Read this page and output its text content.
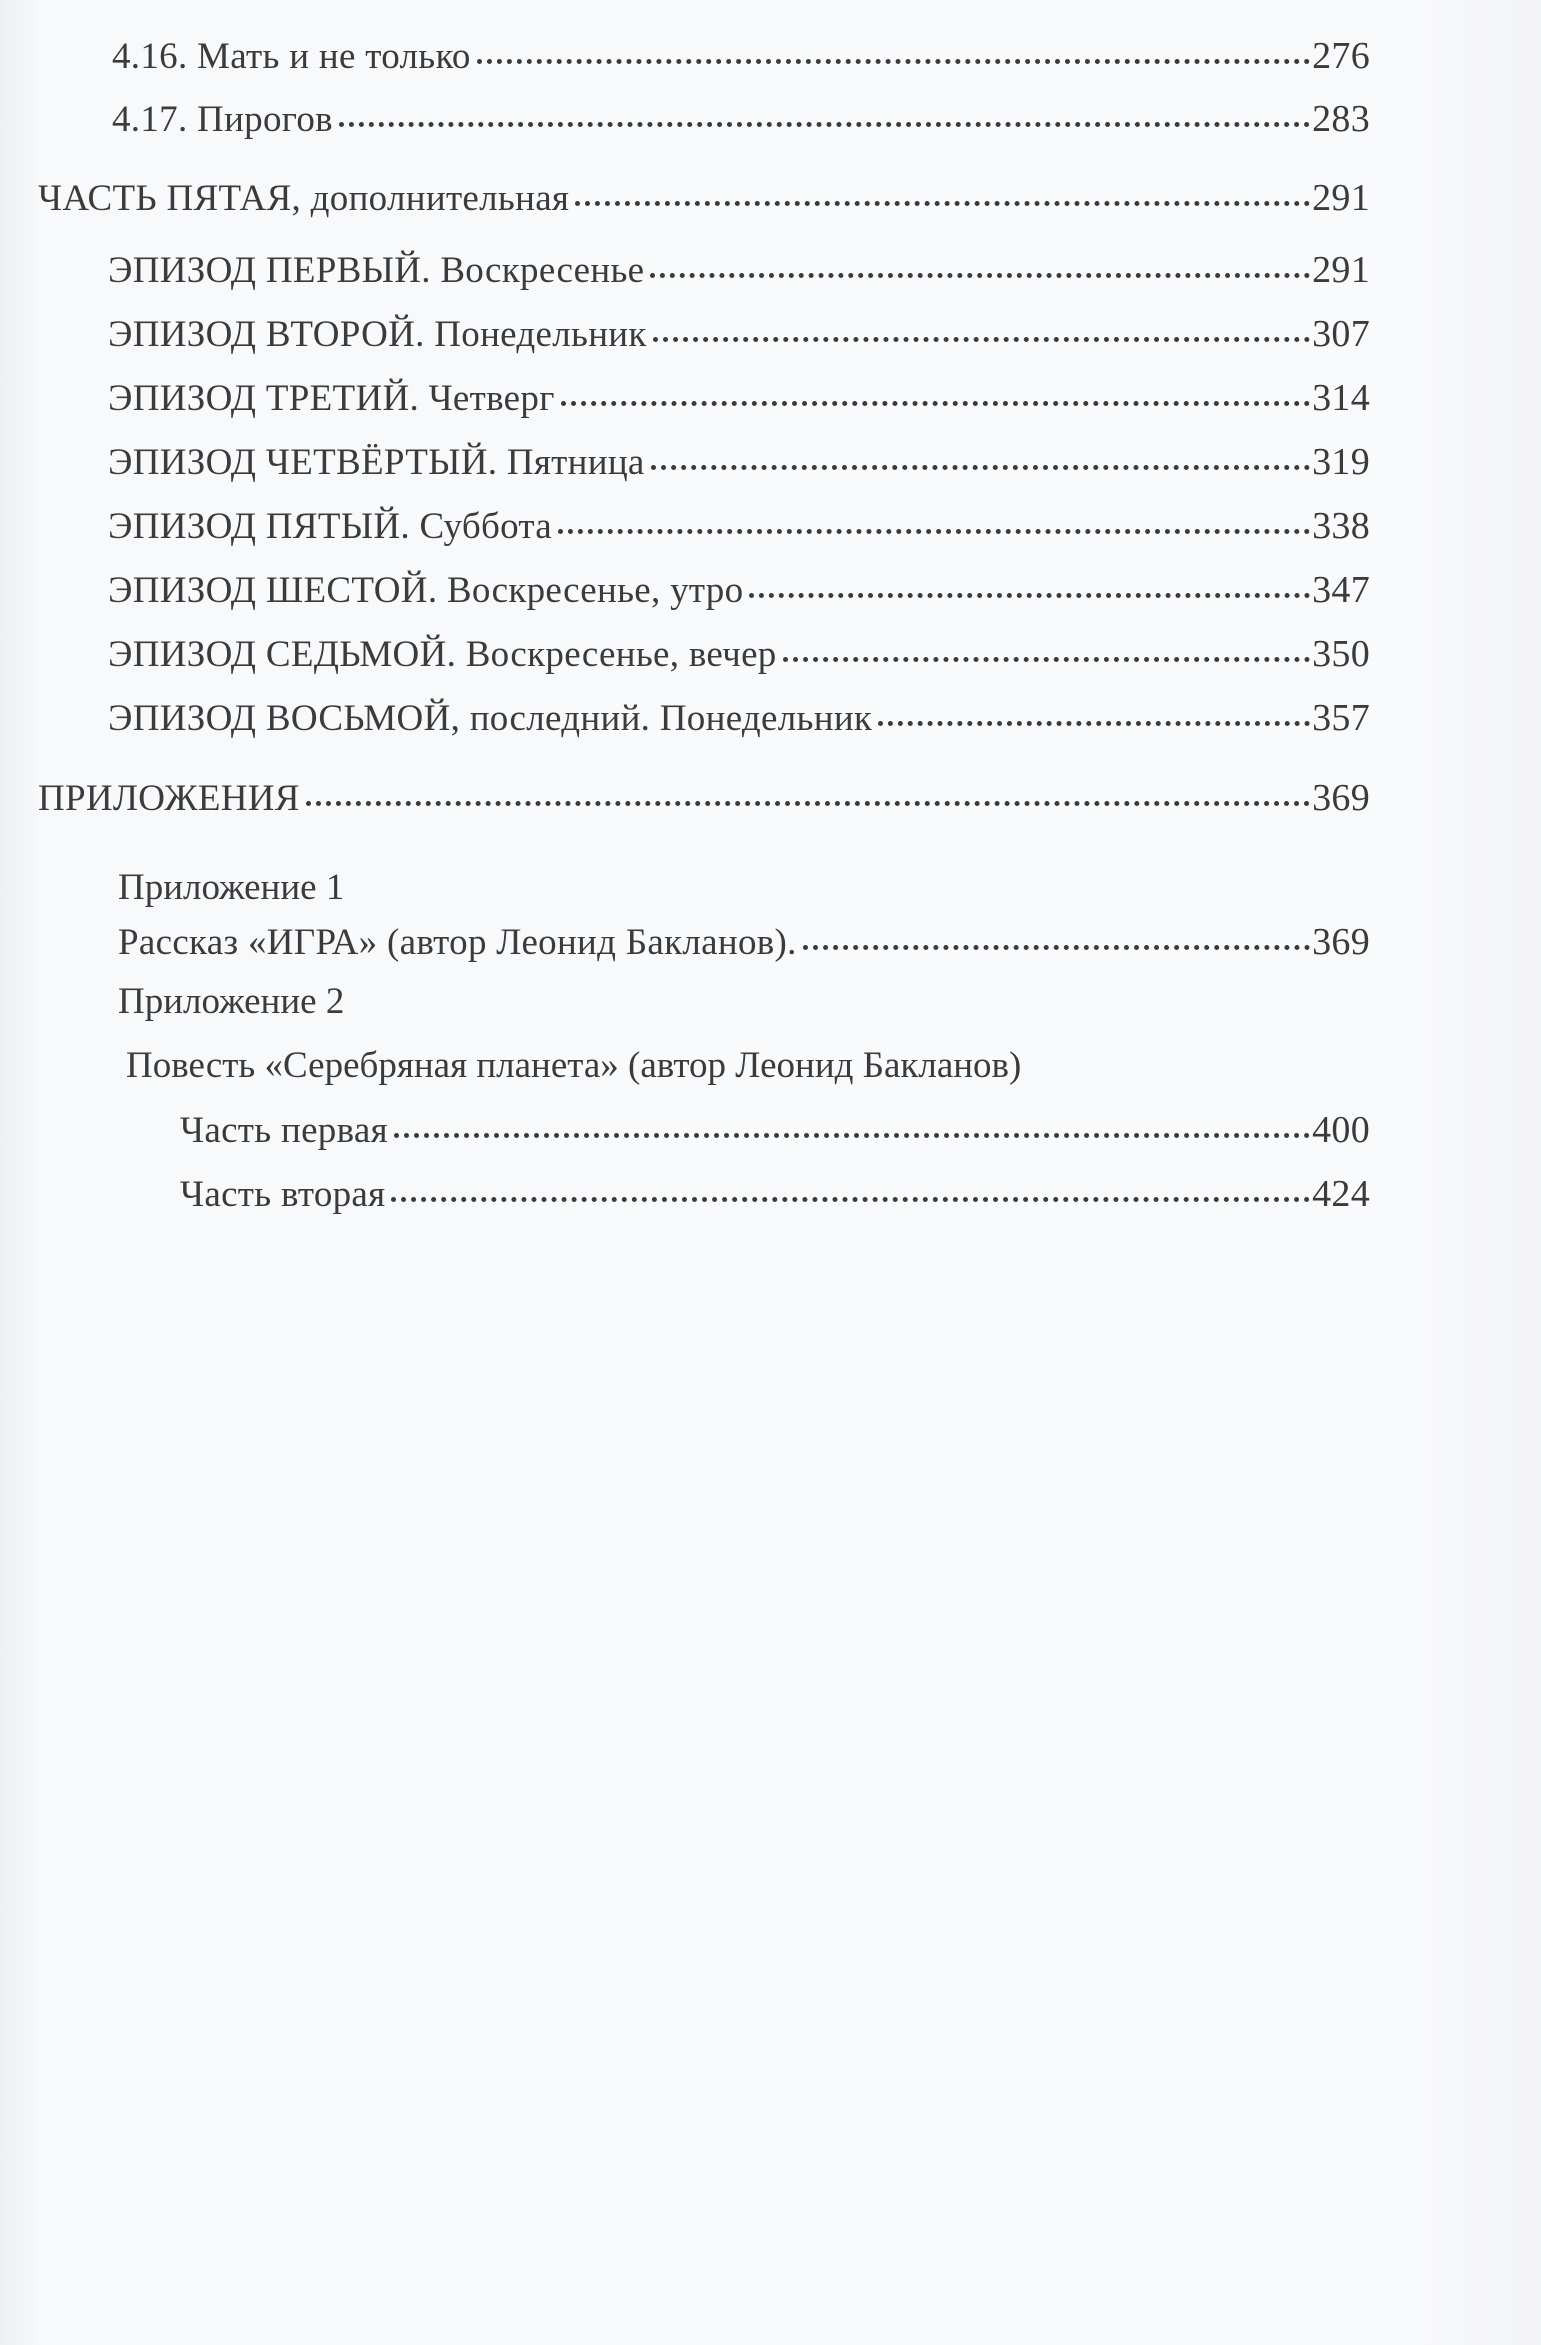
4.16. Мать и не только	276
4.17. Пирогов	283
ЧАСТЬ ПЯТАЯ, дополнительная	291
ЭПИЗОД ПЕРВЫЙ. Воскресенье	291
ЭПИЗОД ВТОРОЙ. Понедельник	307
ЭПИЗОД ТРЕТИЙ. Четверг	314
ЭПИЗОД ЧЕТВЁРТЫЙ. Пятница	319
ЭПИЗОД ПЯТЫЙ. Суббота	338
ЭПИЗОД ШЕСТОЙ. Воскресенье, утро	347
ЭПИЗОД СЕДЬМОЙ. Воскресенье, вечер	350
ЭПИЗОД ВОСЬМОЙ, последний. Понедельник	357
ПРИЛОЖЕНИЯ	369
Приложение 1
Рассказ «ИГРА» (автор Леонид Бакланов).	369
Приложение 2
Повесть «Серебряная планета» (автор Леонид Бакланов)
Часть первая	400
Часть вторая	424
